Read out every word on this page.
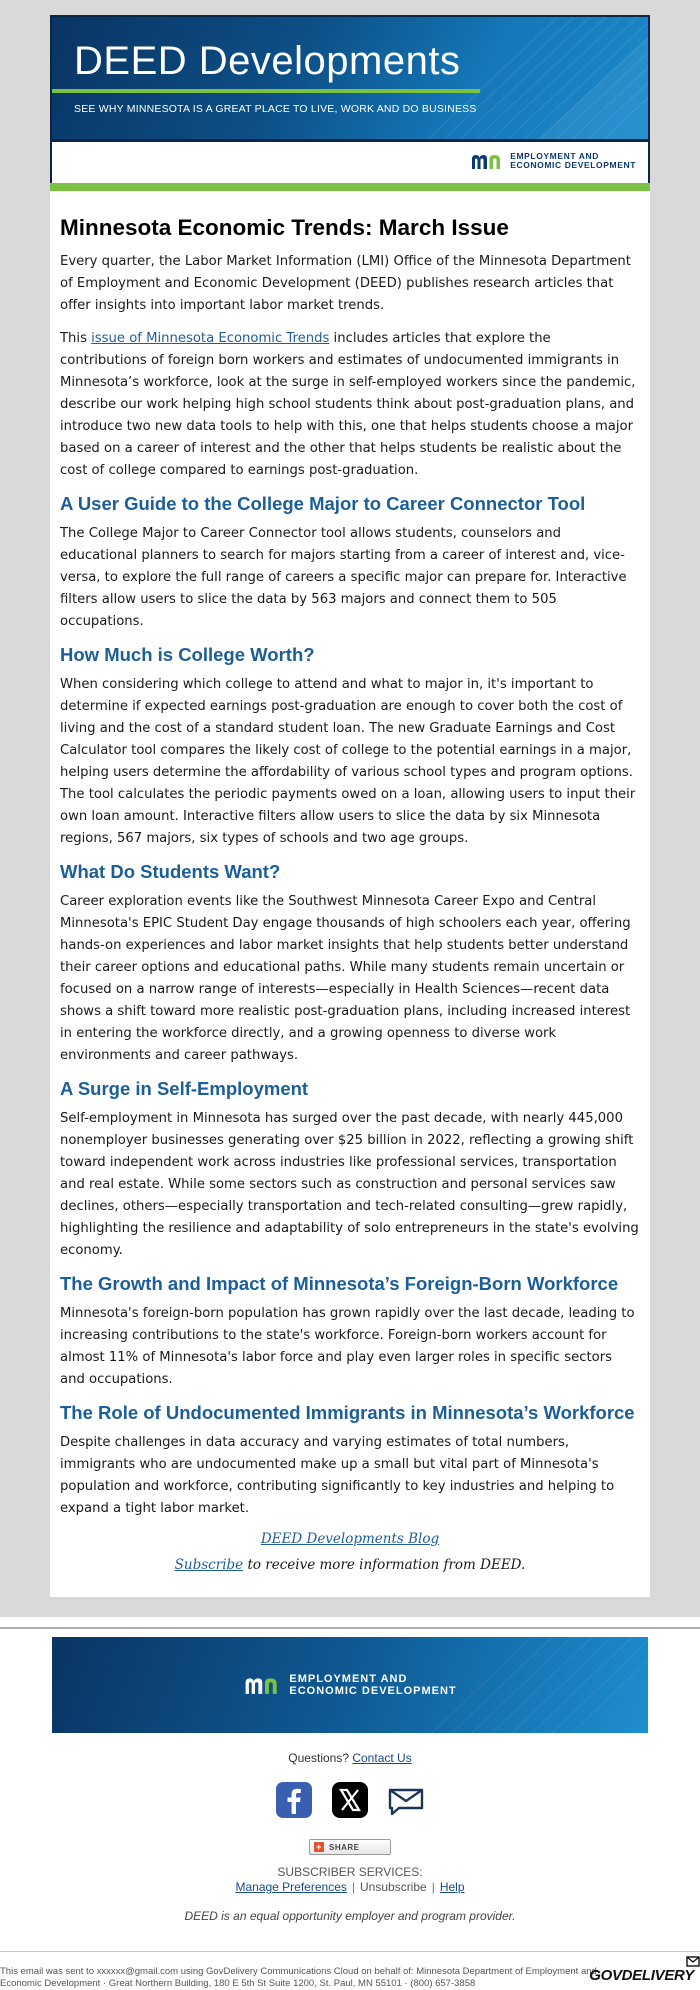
DEED Developments
SEE WHY MINNESOTA IS A GREAT PLACE TO LIVE, WORK AND DO BUSINESS
EMPLOYMENT AND
ECONOMIC DEVELOPMENT
Minnesota Economic Trends: March Issue

Every quarter, the Labor Market Information (LMI) Office of the Minnesota Department of Employment and Economic Development (DEED) publishes research articles that offer insights into important labor market trends.

This issue of Minnesota Economic Trends includes articles that explore the contributions of foreign born workers and estimates of undocumented immigrants in Minnesota’s workforce, look at the surge in self-employed workers since the pandemic, describe our work helping high school students think about post-graduation plans, and introduce two new data tools to help with this, one that helps students choose a major based on a career of interest and the other that helps students be realistic about the cost of college compared to earnings post-graduation.

A User Guide to the College Major to Career Connector Tool

The College Major to Career Connector tool allows students, counselors and educational planners to search for majors starting from a career of interest and, vice-versa, to explore the full range of careers a specific major can prepare for. Interactive filters allow users to slice the data by 563 majors and connect them to 505 occupations.

How Much is College Worth?

When considering which college to attend and what to major in, it's important to determine if expected earnings post-graduation are enough to cover both the cost of living and the cost of a standard student loan. The new Graduate Earnings and Cost Calculator tool compares the likely cost of college to the potential earnings in a major, helping users determine the affordability of various school types and program options. The tool calculates the periodic payments owed on a loan, allowing users to input their own loan amount. Interactive filters allow users to slice the data by six Minnesota regions, 567 majors, six types of schools and two age groups.

What Do Students Want?

Career exploration events like the Southwest Minnesota Career Expo and Central Minnesota's EPIC Student Day engage thousands of high schoolers each year, offering hands-on experiences and labor market insights that help students better understand their career options and educational paths. While many students remain uncertain or focused on a narrow range of interests—especially in Health Sciences—recent data shows a shift toward more realistic post-graduation plans, including increased interest in entering the workforce directly, and a growing openness to diverse work environments and career pathways.

A Surge in Self-Employment

Self-employment in Minnesota has surged over the past decade, with nearly 445,000 nonemployer businesses generating over $25 billion in 2022, reflecting a growing shift toward independent work across industries like professional services, transportation and real estate. While some sectors such as construction and personal services saw declines, others—especially transportation and tech-related consulting—grew rapidly, highlighting the resilience and adaptability of solo entrepreneurs in the state's evolving economy.

The Growth and Impact of Minnesota’s Foreign-Born Workforce

Minnesota's foreign-born population has grown rapidly over the last decade, leading to increasing contributions to the state's workforce. Foreign-born workers account for almost 11% of Minnesota's labor force and play even larger roles in specific sectors and occupations.

The Role of Undocumented Immigrants in Minnesota’s Workforce

Despite challenges in data accuracy and varying estimates of total numbers, immigrants who are undocumented make up a small but vital part of Minnesota's population and workforce, contributing significantly to key industries and helping to expand a tight labor market.

DEED Developments Blog
Subscribe to receive more information from DEED.
EMPLOYMENT AND
ECONOMIC DEVELOPMENT
Questions? Contact Us
+ SHARE
SUBSCRIBER SERVICES:
Manage Preferences | Unsubscribe | Help
DEED is an equal opportunity employer and program provider.
This email was sent to xxxxxx@gmail.com using GovDelivery Communications Cloud on behalf of: Minnesota Department of Employment and Economic Development · Great Northern Building, 180 E 5th St Suite 1200, St. Paul, MN 55101 · (800) 657-3858	GOVDELIVERY
